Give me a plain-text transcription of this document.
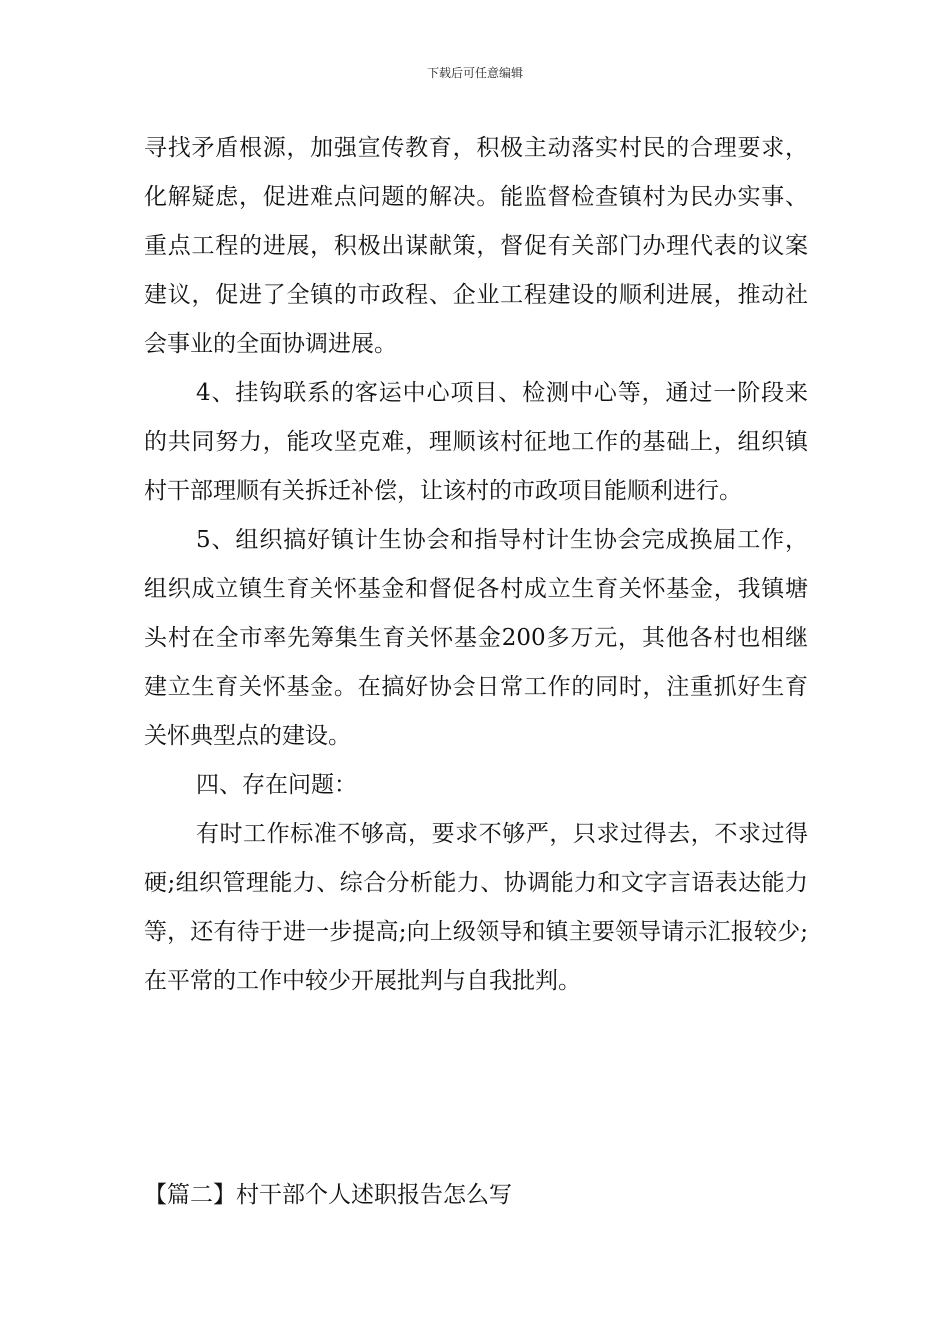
下载后可任意编辑

寻找矛盾根源，加强宣传教育，积极主动落实村民的合理要求，化解疑虑，促进难点问题的解决。能监督检查镇村为民办实事、重点工程的进展，积极出谋献策，督促有关部门办理代表的议案建议，促进了全镇的市政程、企业工程建设的顺利进展，推动社会事业的全面协调进展。

4、挂钩联系的客运中心项目、检测中心等，通过一阶段来的共同努力，能攻坚克难，理顺该村征地工作的基础上，组织镇村干部理顺有关拆迁补偿，让该村的市政项目能顺利进行。

5、组织搞好镇计生协会和指导村计生协会完成换届工作，组织成立镇生育关怀基金和督促各村成立生育关怀基金，我镇塘头村在全市率先筹集生育关怀基金200多万元，其他各村也相继建立生育关怀基金。在搞好协会日常工作的同时，注重抓好生育关怀典型点的建设。

四、存在问题：

有时工作标准不够高，要求不够严，只求过得去，不求过得硬;组织管理能力、综合分析能力、协调能力和文字言语表达能力等，还有待于进一步提高;向上级领导和镇主要领导请示汇报较少;在平常的工作中较少开展批判与自我批判。

【篇二】村干部个人述职报告怎么写
